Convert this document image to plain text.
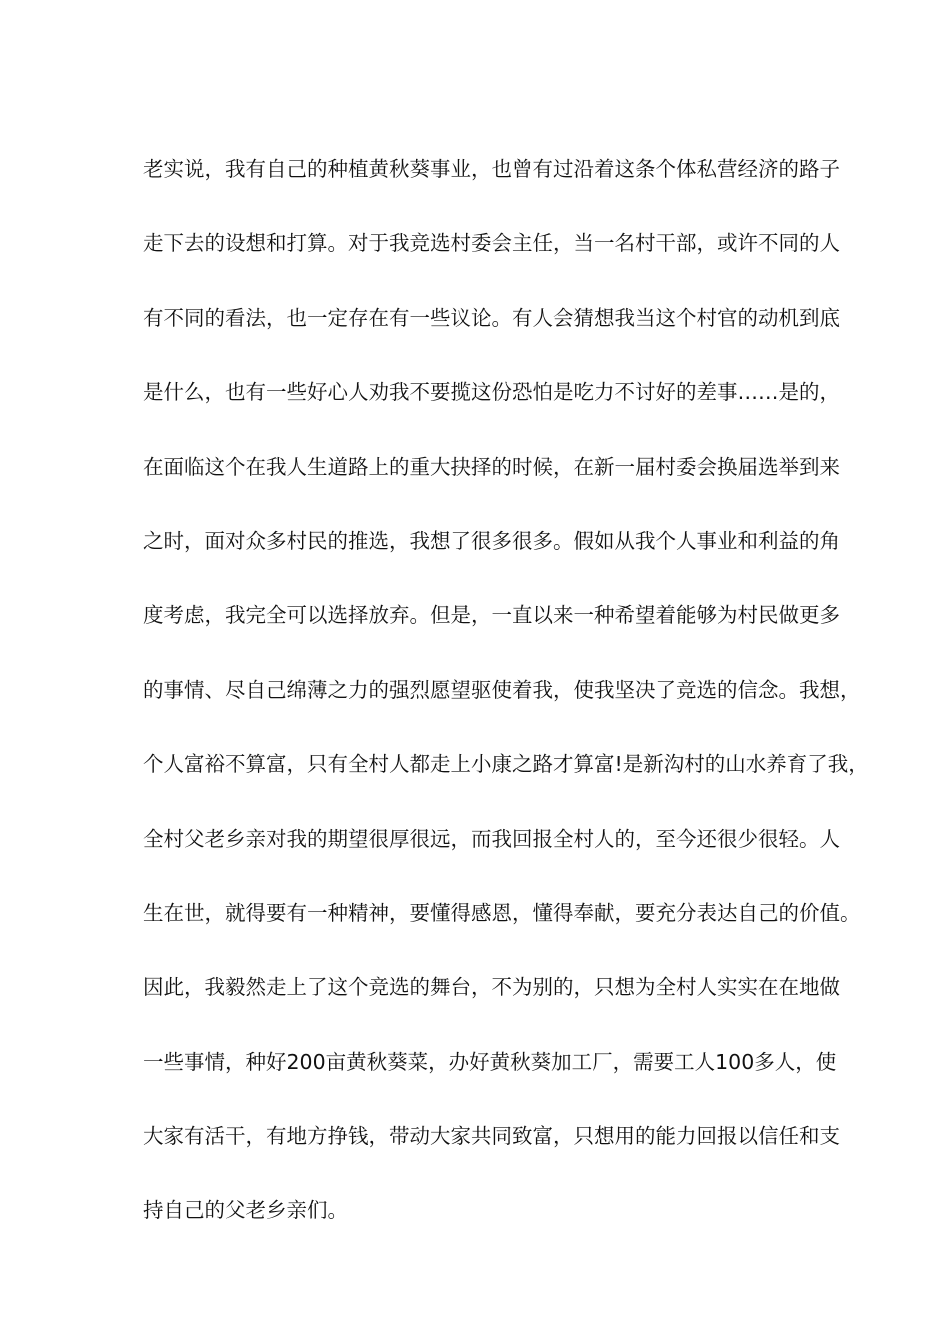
老实说，我有自己的种植黄秋葵事业，也曾有过沿着这条个体私营经济的路子
走下去的设想和打算。对于我竞选村委会主任，当一名村干部，或许不同的人
有不同的看法，也一定存在有一些议论。有人会猜想我当这个村官的动机到底
是什么，也有一些好心人劝我不要揽这份恐怕是吃力不讨好的差事……是的，
在面临这个在我人生道路上的重大抉择的时候，在新一届村委会换届选举到来
之时，面对众多村民的推选，我想了很多很多。假如从我个人事业和利益的角
度考虑，我完全可以选择放弃。但是，一直以来一种希望着能够为村民做更多
的事情、尽自己绵薄之力的强烈愿望驱使着我，使我坚决了竞选的信念。我想，
个人富裕不算富，只有全村人都走上小康之路才算富!是新沟村的山水养育了我，
全村父老乡亲对我的期望很厚很远，而我回报全村人的，至今还很少很轻。人
生在世，就得要有一种精神，要懂得感恩，懂得奉献，要充分表达自己的价值。
因此，我毅然走上了这个竞选的舞台，不为别的，只想为全村人实实在在地做
一些事情，种好200亩黄秋葵菜，办好黄秋葵加工厂，需要工人100多人，使
大家有活干，有地方挣钱，带动大家共同致富，只想用的能力回报以信任和支
持自己的父老乡亲们。
